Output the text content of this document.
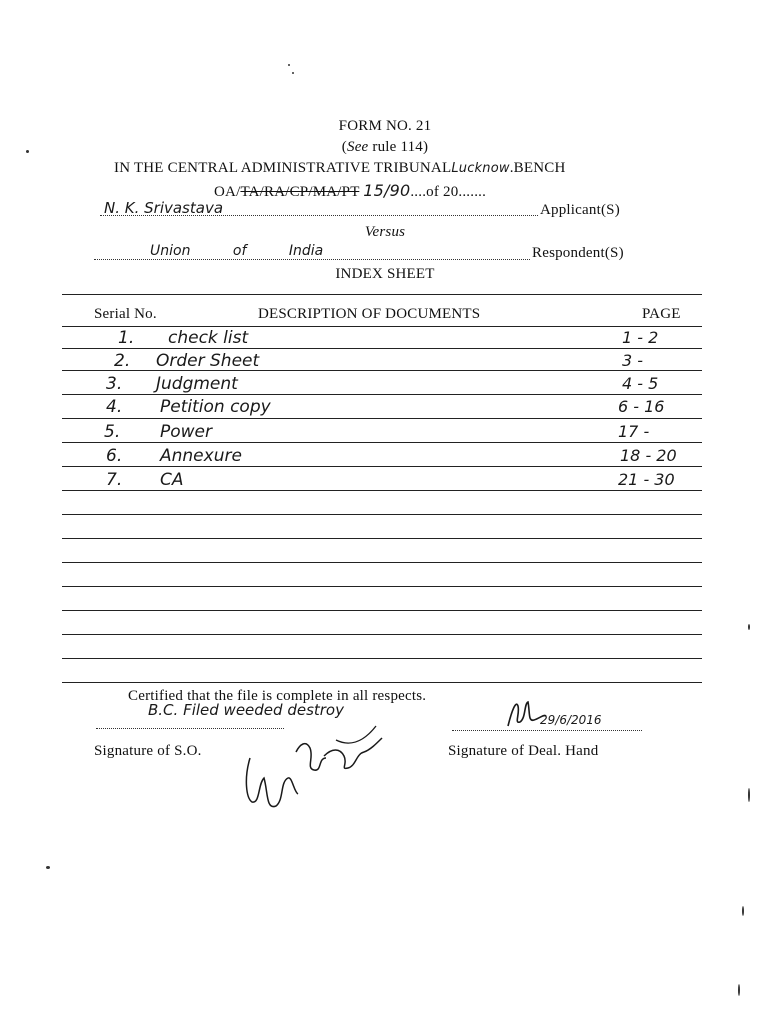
FORM NO. 21
(See rule 114)
IN THE CENTRAL ADMINISTRATIVE TRIBUNALLucknow.BENCH
OA/TA/RA/CP/MA/PT 15/90....of 20.......
N. K. Srivastava	Applicant(S)
Versus
Union of India	Respondent(S)
INDEX SHEET
Serial No.	DESCRIPTION OF DOCUMENTS	PAGE
1. check list	1 - 2
2. Order Sheet	3 -
3. Judgment	4 - 5
4. Petition copy	6 - 16
5. Power	17 -
6. Annexure	18 - 20
7. CA	21 - 30
Certified that the file is complete in all respects.
B.C. Filed weeded destroy
Signature of S.O.
29/6/2016
Signature of Deal. Hand
